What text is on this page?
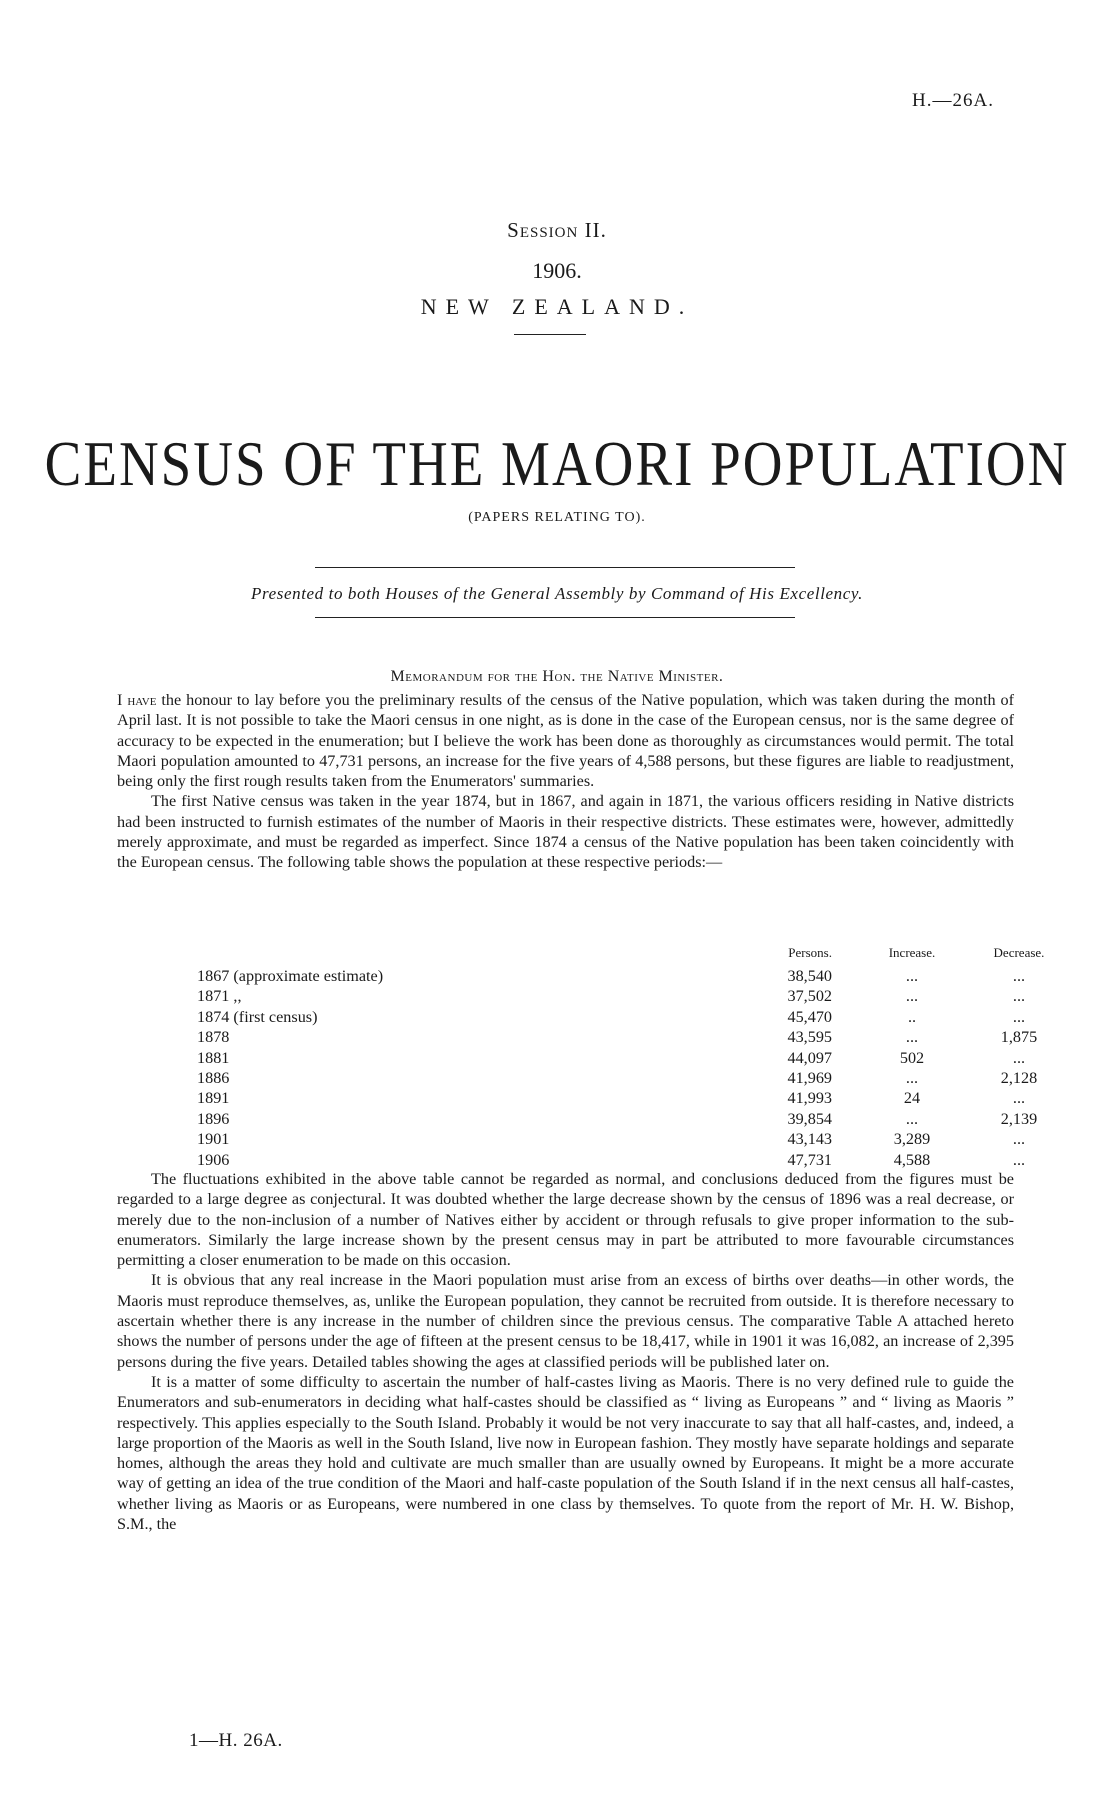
H.—26A.
Session II.
1906.
NEW ZEALAND.
CENSUS OF THE MAORI POPULATION
(PAPERS RELATING TO).
Presented to both Houses of the General Assembly by Command of His Excellency.
Memorandum for the Hon. the Native Minister.

I have the honour to lay before you the preliminary results of the census of the Native population, which was taken during the month of April last. It is not possible to take the Maori census in one night, as is done in the case of the European census, nor is the same degree of accuracy to be expected in the enumeration; but I believe the work has been done as thoroughly as circumstances would permit. The total Maori population amounted to 47,731 persons, an increase for the five years of 4,588 persons, but these figures are liable to readjustment, being only the first rough results taken from the Enumerators' summaries.

The first Native census was taken in the year 1874, but in 1867, and again in 1871, the various officers residing in Native districts had been instructed to furnish estimates of the number of Maoris in their respective districts. These estimates were, however, admittedly merely approximate, and must be regarded as imperfect. Since 1874 a census of the Native population has been taken coincidently with the European census. The following table shows the population at these respective periods:—

Persons.	Increase.	Decrease.
1867 (approximate estimate)	38,540	...	...
1871 ,,	37,502	...	...
1874 (first census)	45,470	..	...
1878	43,595	...	1,875
1881	44,097	502	...
1886	41,969	...	2,128
1891	41,993	24	...
1896	39,854	...	2,139
1901	43,143	3,289	...
1906	47,731	4,588	...

The fluctuations exhibited in the above table cannot be regarded as normal, and conclusions deduced from the figures must be regarded to a large degree as conjectural. It was doubted whether the large decrease shown by the census of 1896 was a real decrease, or merely due to the non-inclusion of a number of Natives either by accident or through refusals to give proper information to the sub-enumerators. Similarly the large increase shown by the present census may in part be attributed to more favourable circumstances permitting a closer enumeration to be made on this occasion.

It is obvious that any real increase in the Maori population must arise from an excess of births over deaths—in other words, the Maoris must reproduce themselves, as, unlike the European population, they cannot be recruited from outside. It is therefore necessary to ascertain whether there is any increase in the number of children since the previous census. The comparative Table A attached hereto shows the number of persons under the age of fifteen at the present census to be 18,417, while in 1901 it was 16,082, an increase of 2,395 persons during the five years. Detailed tables showing the ages at classified periods will be published later on.

It is a matter of some difficulty to ascertain the number of half-castes living as Maoris. There is no very defined rule to guide the Enumerators and sub-enumerators in deciding what half-castes should be classified as “ living as Europeans ” and “ living as Maoris ” respectively. This applies especially to the South Island. Probably it would be not very inaccurate to say that all half-castes, and, indeed, a large proportion of the Maoris as well in the South Island, live now in European fashion. They mostly have separate holdings and separate homes, although the areas they hold and cultivate are much smaller than are usually owned by Europeans. It might be a more accurate way of getting an idea of the true condition of the Maori and half-caste population of the South Island if in the next census all half-castes, whether living as Maoris or as Europeans, were numbered in one class by themselves. To quote from the report of Mr. H. W. Bishop, S.M., the

1—H. 26A.
